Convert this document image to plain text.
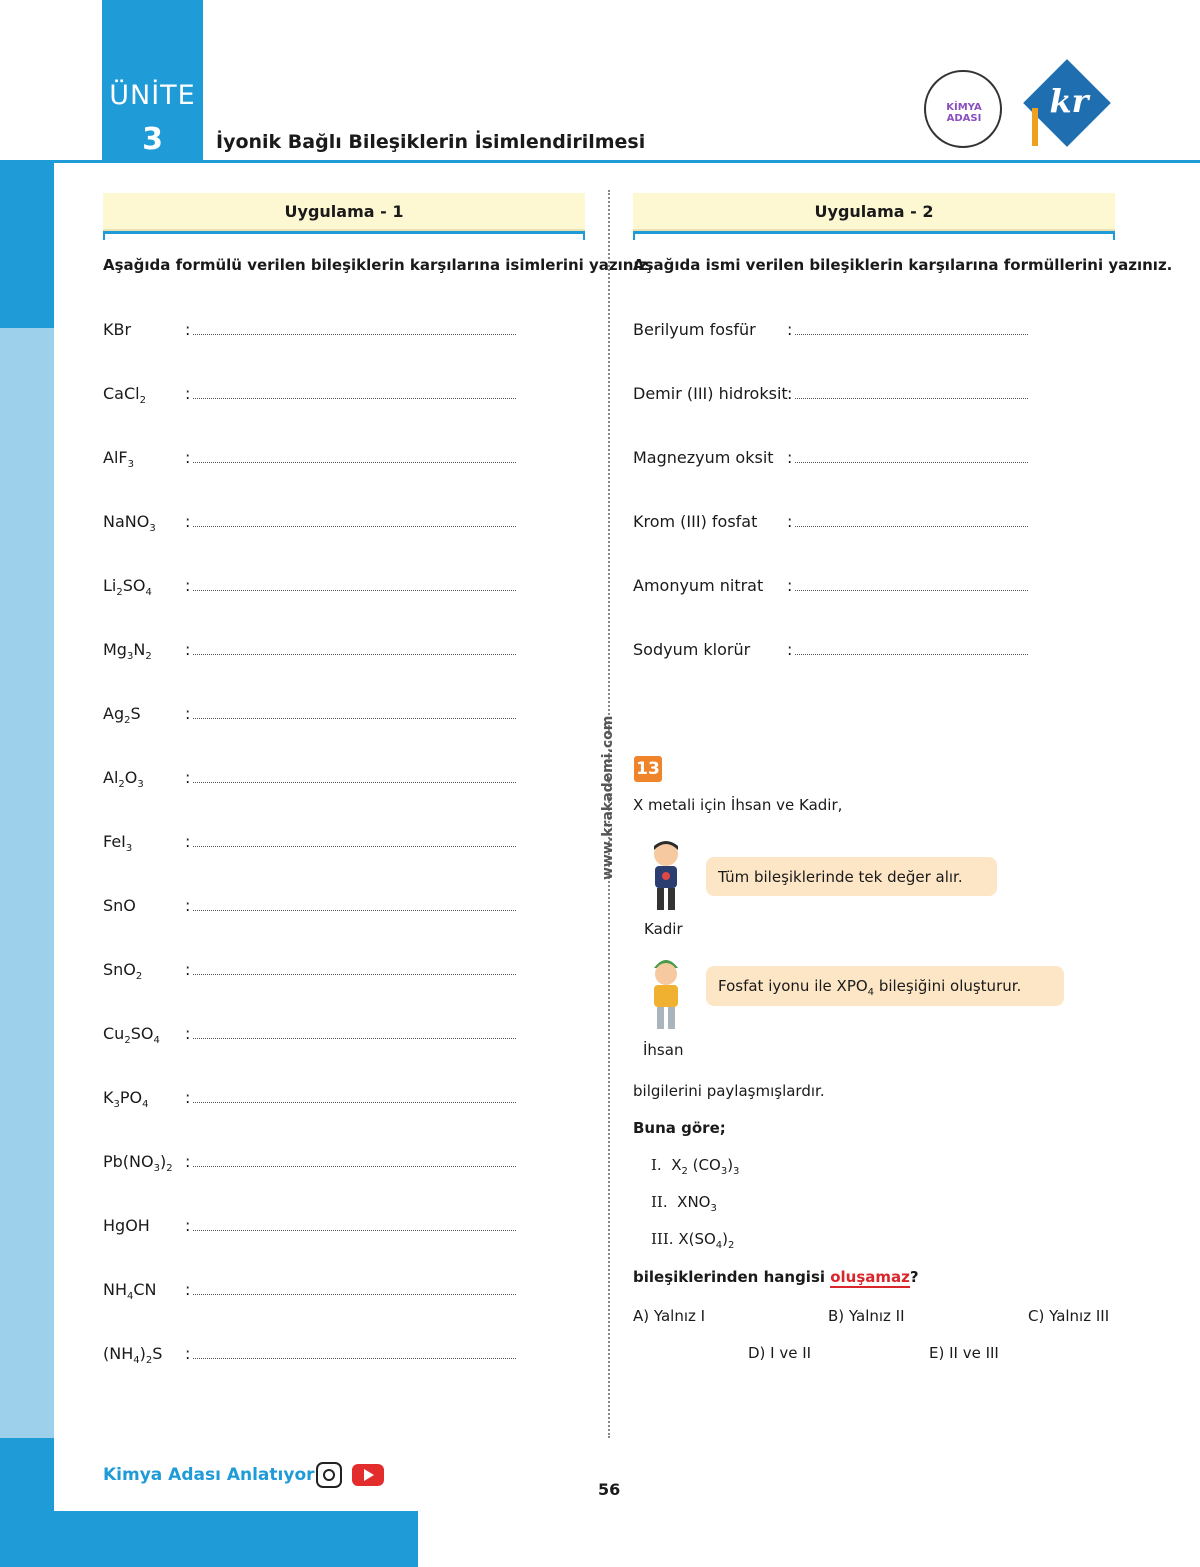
ÜNİTE
3	İyonik Bağlı Bileşiklerin İsimlendirilmesi
KİMYA ADASI	kr
Uygulama - 1
Aşağıda formülü verilen bileşiklerin karşılarına isimlerini yazınız.
KBr	:
CaCl$_2$ :
AlF$_3$	:
NaNO$_3$ :
$Li_2SO_4$ :
$Mg_3N_2$ :
$Ag_2S$	:
$Al_2O_3$	:
FeI$_3$	:
SnO	:
SnO$_2$	:
$Cu_2SO_4$ :
$K_3PO_4$ :
$Pb(NO_3)_2$ :
HgOH :
$NH_4CN$ :
$(NH_4)_2S$ :
www.krakademi.com
Uygulama - 2
Aşağıda ismi verilen bileşiklerin karşılarına formüllerini yazınız.
Berilyum fosfür :
Demir (III) hidroksit :
Magnezyum oksit :
Krom (III) fosfat :
Amonyum nitrat :
Sodyum klorür :
13
X metali için İhsan ve Kadir,
Kadir
Tüm bileşiklerinde tek değer alır.
İhsan
Fosfat iyonu ile $XPO_4$ bileşiğini oluşturur.
bilgilerini paylaşmışlardır.
Buna göre;
I. $X_2$ $(CO_3)_3$
II. $XNO_3$
III. $X(SO_4)_2$
bileşiklerinden hangisi oluşamaz?
A) Yalnız I	B) Yalnız II	C) Yalnız III
D) I ve II	E) II ve III
Kimya Adası Anlatıyor
56
